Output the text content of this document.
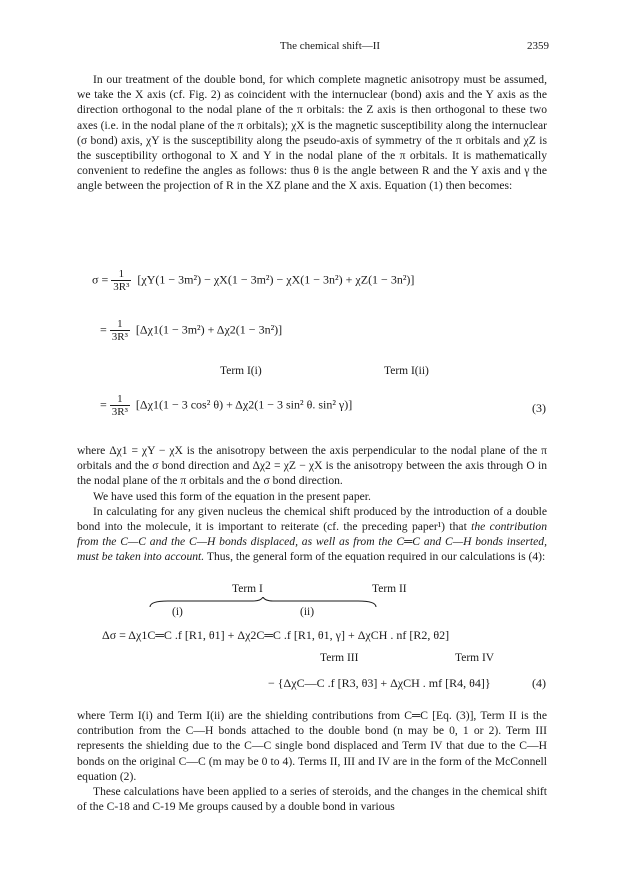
The chemical shift—II	2359

In our treatment of the double bond, for which complete magnetic anisotropy must be assumed, we take the X axis (cf. Fig. 2) as coincident with the internuclear (bond) axis and the Y axis as the direction orthogonal to the nodal plane of the π orbitals: the Z axis is then orthogonal to these two axes (i.e. in the nodal plane of the π orbitals); χX is the magnetic susceptibility along the internuclear (σ bond) axis, χY is the susceptibility along the pseudo-axis of symmetry of the π orbitals and χZ is the susceptibility orthogonal to X and Y in the nodal plane of the π orbitals. It is mathematically convenient to redefine the angles as follows: thus θ is the angle between R and the Y axis and γ the angle between the projection of R in the XZ plane and the X axis. Equation (1) then becomes:

$\sigma = \frac{1}{\text{3R³}} [\chi Y(1 - 3m^2) - \chi X(1 - 3m^2) - \chi X(1 - 3n^2) + \chi Z(1 - 3n^2)]$
= $\frac{1}{\text{3R³}} [\Delta\chi 1(1 - 3m^2) + \Delta\chi 2(1 - 3n^2)]$
Term I(i)	Term I(ii)
= $\frac{1}{\text{3R³}} [\Delta\chi 1(1 - 3$ cos² θ) + Δχ2(1 − 3 sin² θ. sin² γ)]	(3)

where Δχ1 = χY − χX is the anisotropy between the axis perpendicular to the nodal plane of the π orbitals and the σ bond direction and Δχ2 = χZ − χX is the anisotropy between the axis through O in the nodal plane of the π orbitals and the σ bond direction.

We have used this form of the equation in the present paper.

In calculating for any given nucleus the chemical shift produced by the introduction of a double bond into the molecule, it is important to reiterate (cf. the preceding paper¹) that the contribution from the C—C and the C—H bonds displaced, as well as from the C═C and C—H bonds inserted, must be taken into account. Thus, the general form of the equation required in our calculations is (4):

Term I	Term II
(i)	(ii)
Δσ = Δχ1C═C .f [R1, θ1] + Δχ2C═C .f [R1, θ1, γ] + ΔχCH . nf [R2, θ2]
Term III	Term IV
− {ΔχC—C .f [R3, θ3] + ΔχCH . mf [R4, θ4]}	(4)

where Term I(i) and Term I(ii) are the shielding contributions from C═C [Eq. (3)], Term II is the contribution from the C—H bonds attached to the double bond (n may be 0, 1 or 2). Term III represents the shielding due to the C—C single bond displaced and Term IV that due to the C—H bonds on the original C—C (m may be 0 to 4). Terms II, III and IV are in the form of the McConnell equation (2).

These calculations have been applied to a series of steroids, and the changes in the chemical shift of the C-18 and C-19 Me groups caused by a double bond in various
